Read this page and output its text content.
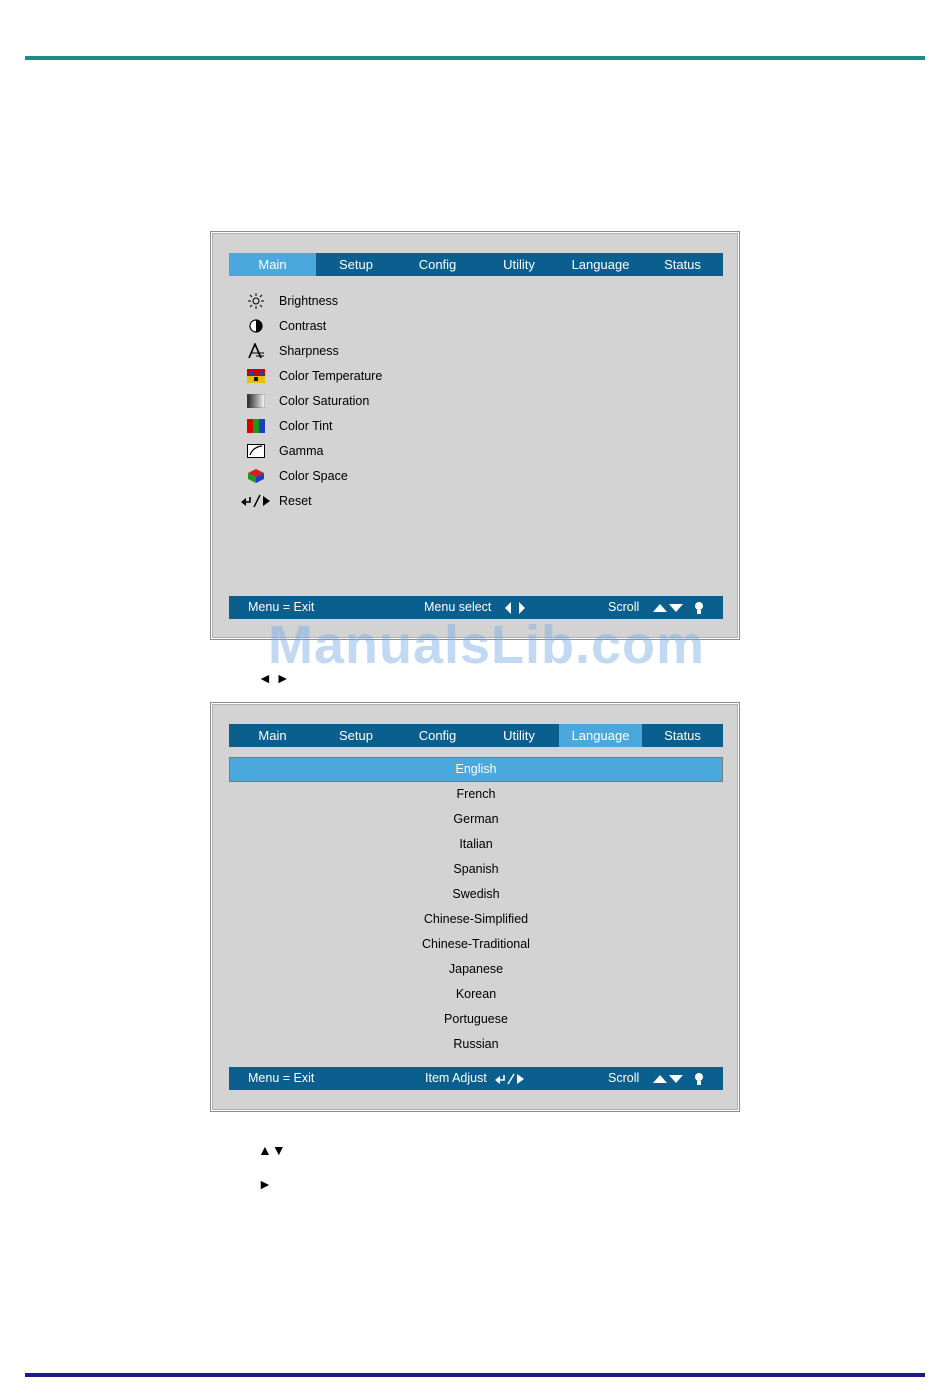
Main	Setup	Config	Utility	Language	Status
Brightness
Contrast
Sharpness
Color Temperature
Color Saturation
Color Tint
Gamma
Color Space
Reset
Menu = Exit	Menu select	Scroll
ManualsLib.com
◄ ►
Main	Setup	Config	Utility	Language	Status
English
French
German
Italian
Spanish
Swedish
Chinese-Simplified
Chinese-Traditional
Japanese
Korean
Portuguese
Russian
Menu = Exit	Item Adjust	Scroll
▲▼
►
